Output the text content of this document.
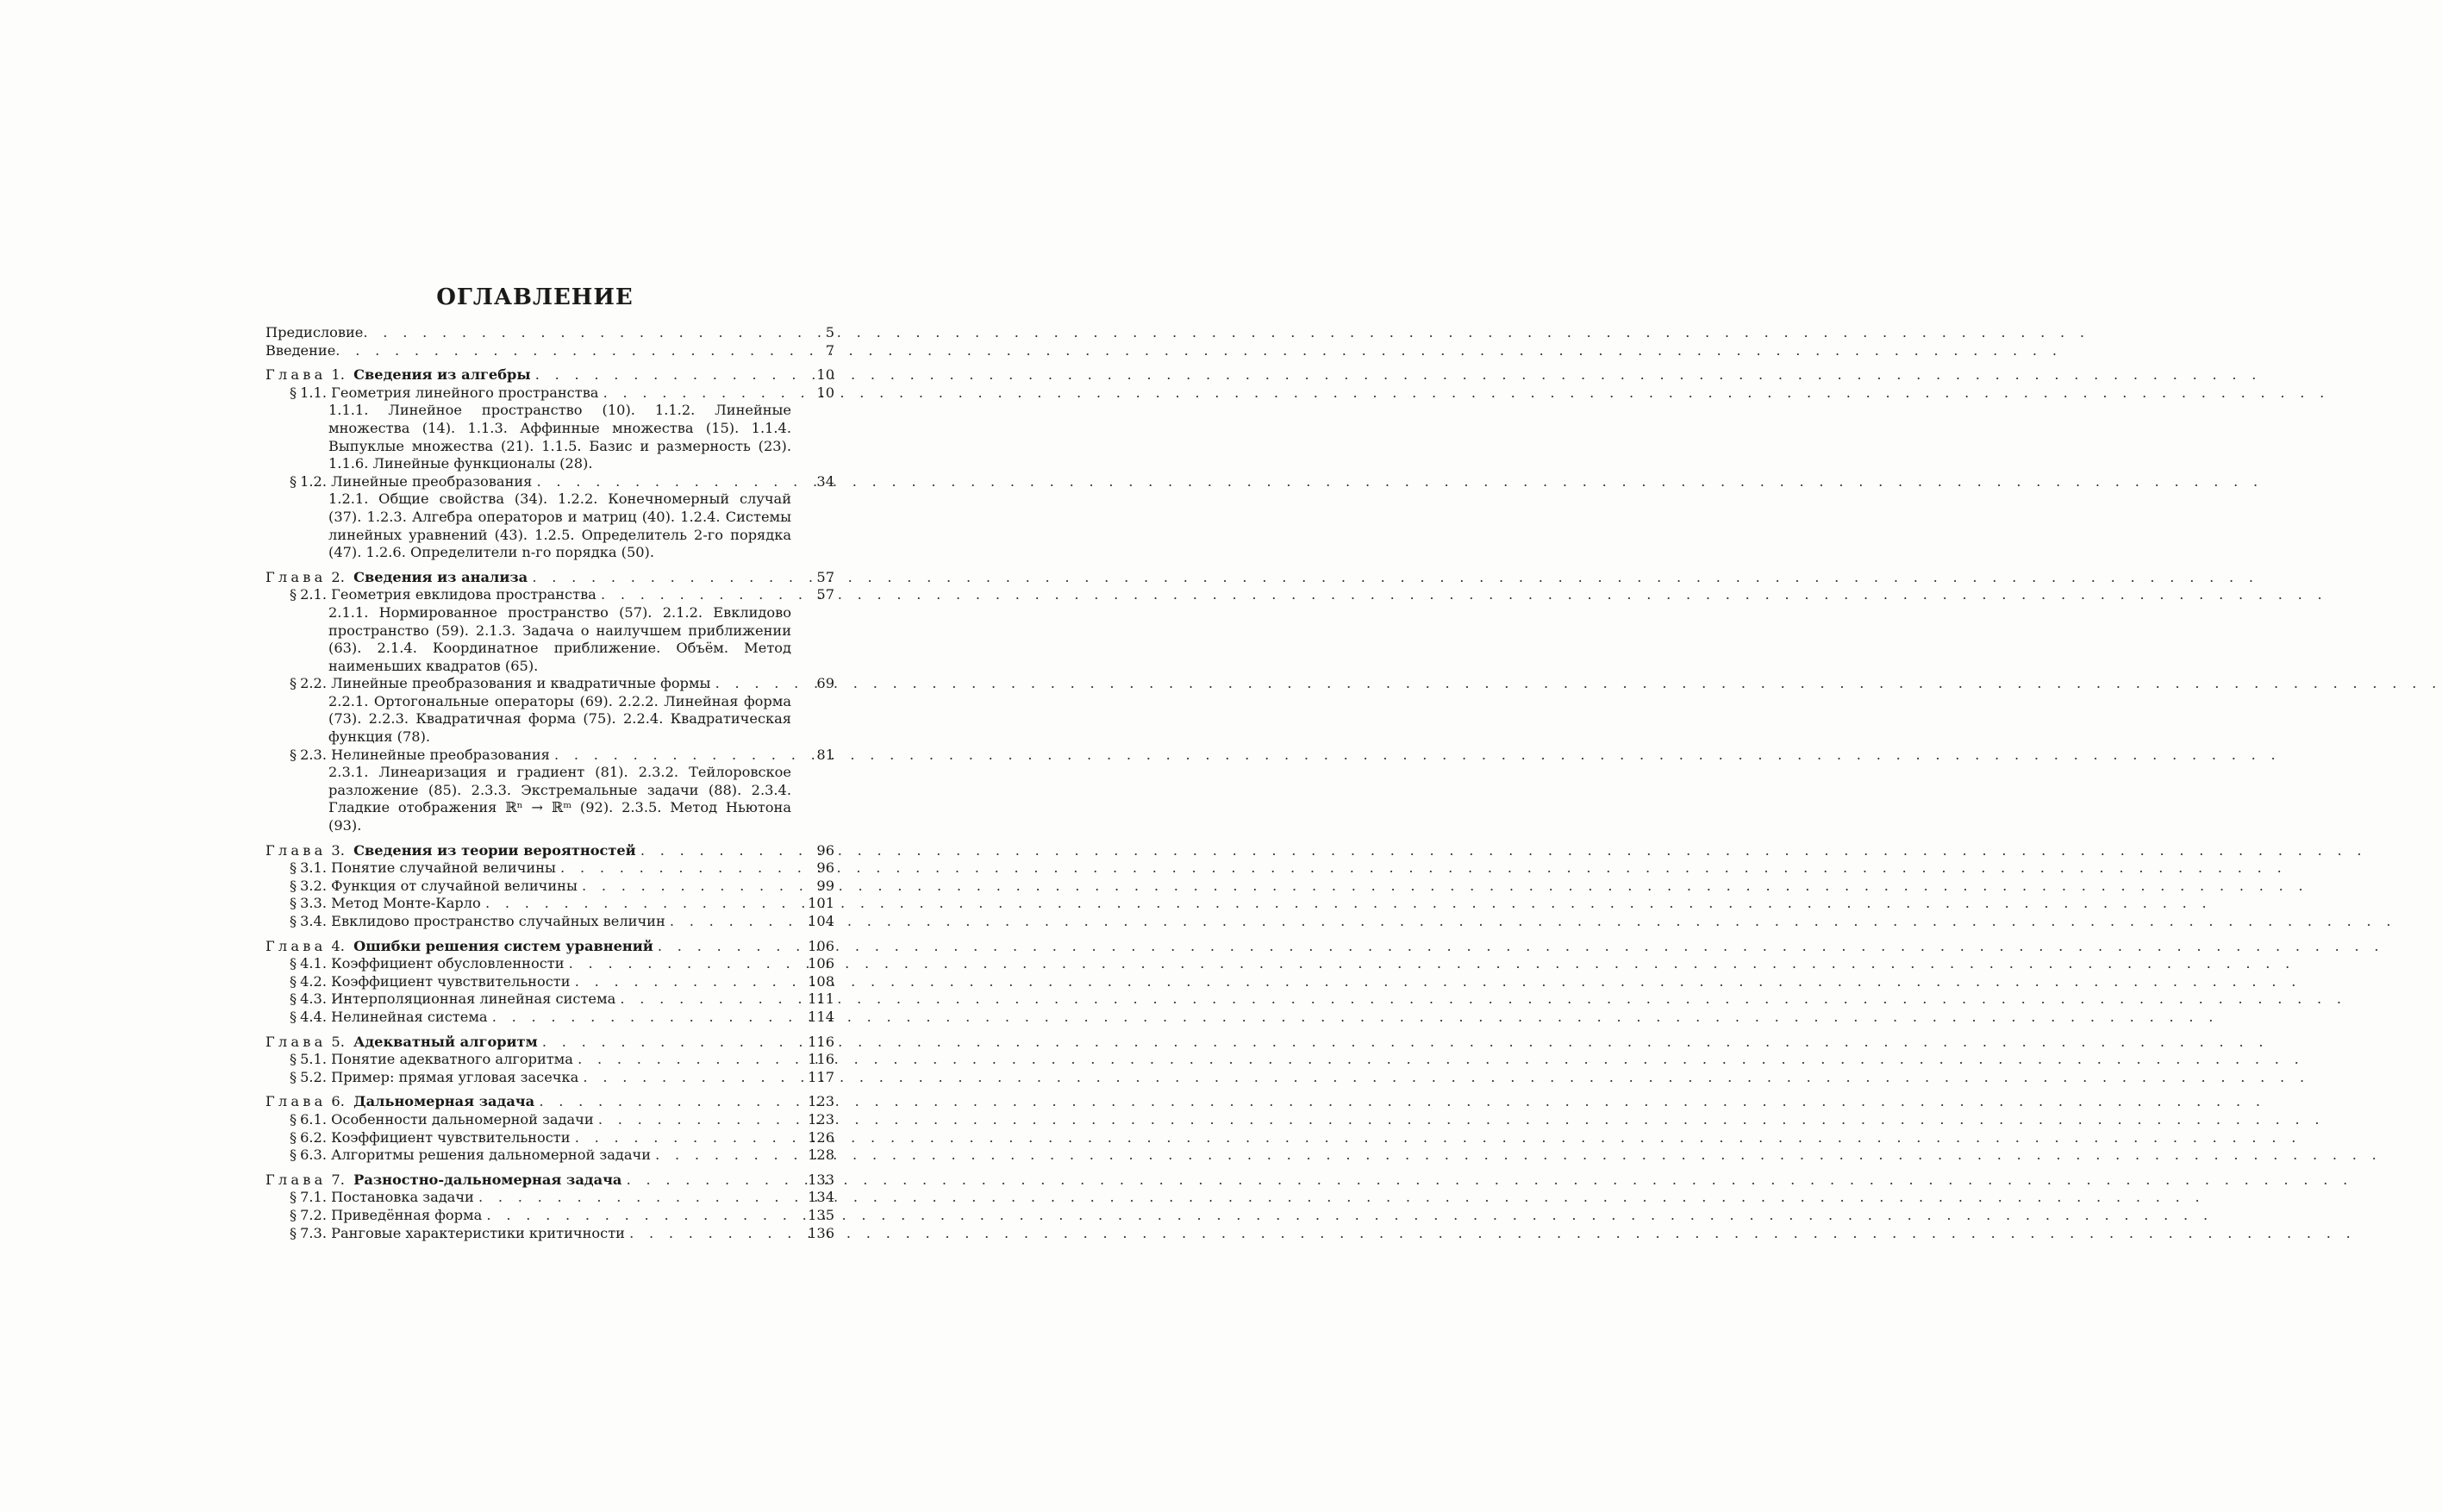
ОГЛАВЛЕНИЕ
Предисловие . . .	5
Введение . . .	7
Глава 1. Сведения из алгебры . . .	10
§ 1.1. Геометрия линейного пространства . . .	10
1.1.1. Линейное пространство (10). 1.1.2. Линейные множества (14). 1.1.3. Аффинные множества (15). 1.1.4. Выпуклые множества (21). 1.1.5. Базис и размерность (23). 1.1.6. Линейные функционалы (28).
§ 1.2. Линейные преобразования . . .	34
1.2.1. Общие свойства (34). 1.2.2. Конечномерный случай (37). 1.2.3. Алгебра операторов и матриц (40). 1.2.4. Системы линейных уравнений (43). 1.2.5. Определитель 2-го порядка (47). 1.2.6. Определители n-го порядка (50).
Глава 2. Сведения из анализа . . .	57
§ 2.1. Геометрия евклидова пространства . . .	57
2.1.1. Нормированное пространство (57). 2.1.2. Евклидово пространство (59). 2.1.3. Задача о наилучшем приближении (63). 2.1.4. Координатное приближение. Объём. Метод наименьших квадратов (65).
§ 2.2. Линейные преобразования и квадратичные формы . . .	69
2.2.1. Ортогональные операторы (69). 2.2.2. Линейная форма (73). 2.2.3. Квадратичная форма (75). 2.2.4. Квадратическая функция (78).
§ 2.3. Нелинейные преобразования . . .	81
2.3.1. Линеаризация и градиент (81). 2.3.2. Тейлоровское разложение (85). 2.3.3. Экстремальные задачи (88). 2.3.4. Гладкие отображения ℝⁿ → ℝᵐ (92). 2.3.5. Метод Ньютона (93).
Глава 3. Сведения из теории вероятностей . . .	96
§ 3.1. Понятие случайной величины . . .	96
§ 3.2. Функция от случайной величины . . .	99
§ 3.3. Метод Монте-Карло . . .	101
§ 3.4. Евклидово пространство случайных величин . . .	104
Глава 4. Ошибки решения систем уравнений . . .	106
§ 4.1. Коэффициент обусловленности . . .	106
§ 4.2. Коэффициент чувствительности . . .	108
§ 4.3. Интерполяционная линейная система . . .	111
§ 4.4. Нелинейная система . . .	114
Глава 5. Адекватный алгоритм . . .	116
§ 5.1. Понятие адекватного алгоритма . . .	116
§ 5.2. Пример: прямая угловая засечка . . .	117
Глава 6. Дальномерная задача . . .	123
§ 6.1. Особенности дальномерной задачи . . .	123
§ 6.2. Коэффициент чувствительности . . .	126
§ 6.3. Алгоритмы решения дальномерной задачи . . .	128
Глава 7. Разностно-дальномерная задача . . .	133
§ 7.1. Постановка задачи . . .	134
§ 7.2. Приведённая форма . . .	135
§ 7.3. Ранговые характеристики критичности . . .	136
